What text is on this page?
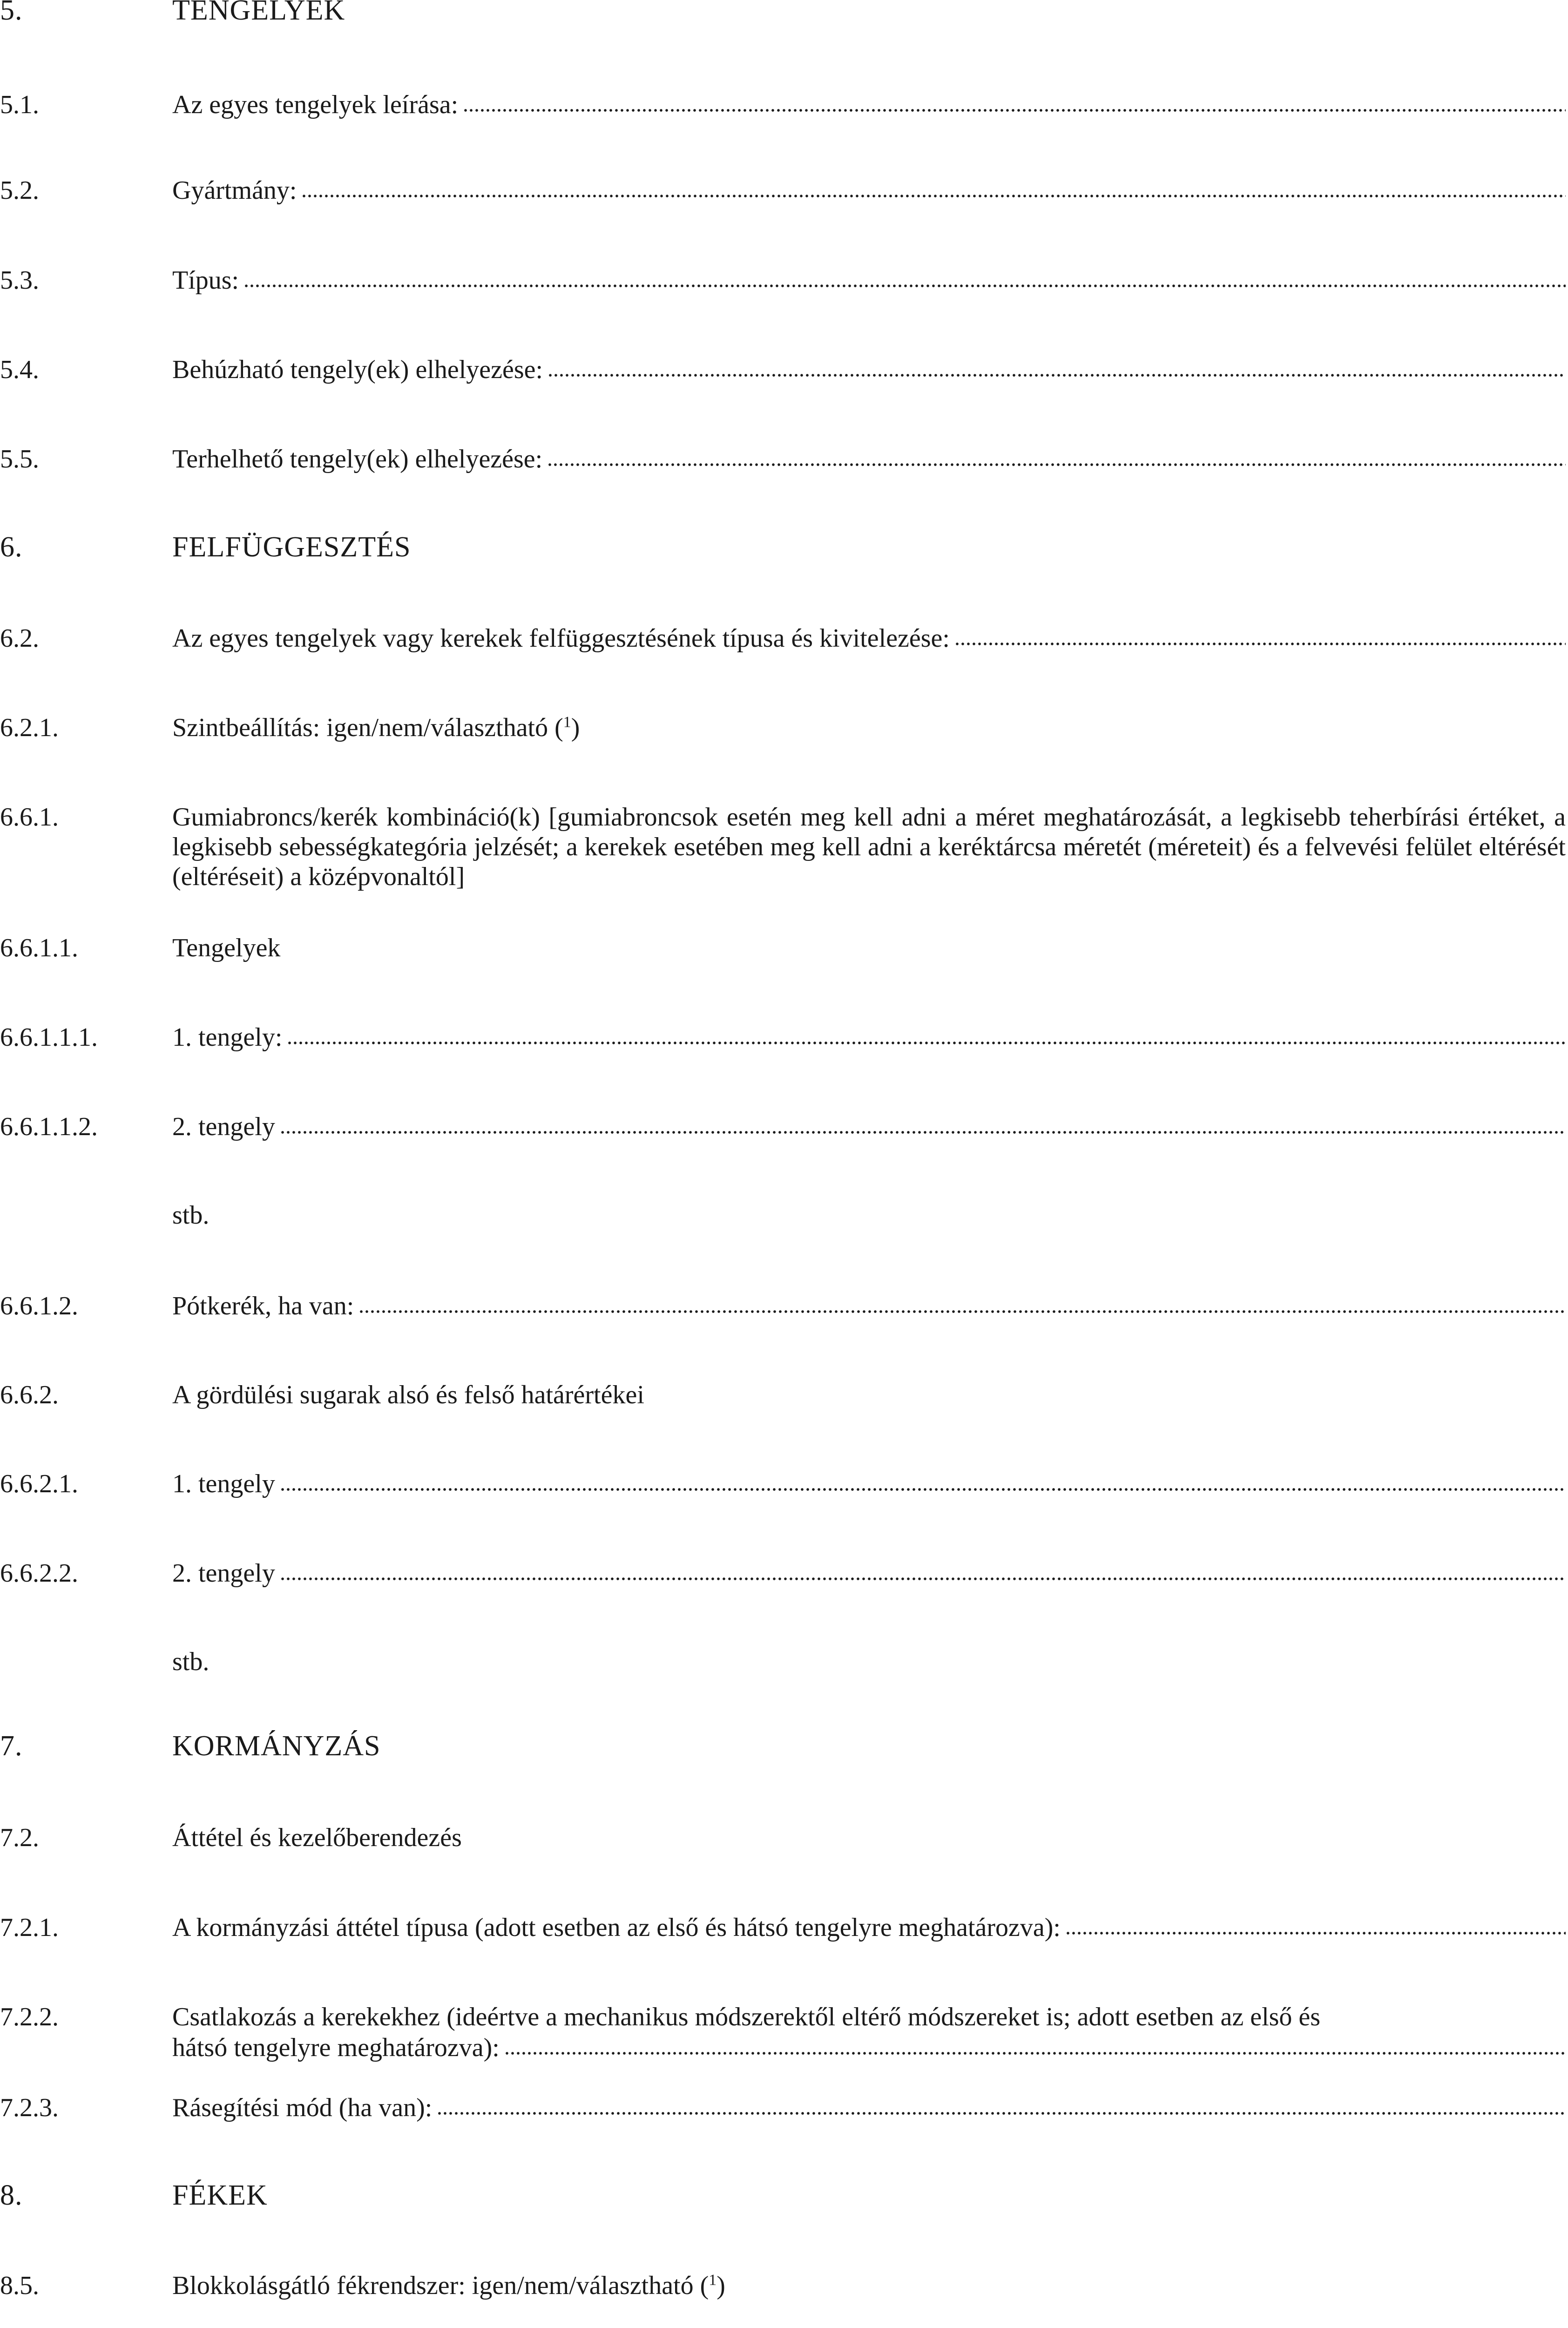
5.	TENGELYEK
5.1.	Az egyes tengelyek leírása:
5.2.	Gyártmány:
5.3.	Típus:
5.4.	Behúzható tengely(ek) elhelyezése:
5.5.	Terhelhető tengely(ek) elhelyezése:
6.	FELFÜGGESZTÉS
6.2.	Az egyes tengelyek vagy kerekek felfüggesztésének típusa és kivitelezése:
6.2.1.	Szintbeállítás: igen/nem/választható ($^1$)
6.6.1.	Gumiabroncs/kerék kombináció(k) [gumiabroncsok esetén meg kell adni a méret meghatározását, a legkisebb teherbírási értéket, a legkisebb sebességkategória jelzését; a kerekek esetében meg kell adni a keréktárcsa méretét (méreteit) és a felvevési felület eltérését (eltéréseit) a középvonaltól]
6.6.1.1.	Tengelyek
6.6.1.1.1.	1. tengely:
6.6.1.1.2.	2. tengely
stb.
6.6.1.2.	Pótkerék, ha van:
6.6.2.	A gördülési sugarak alsó és felső határértékei
6.6.2.1.	1. tengely
6.6.2.2.	2. tengely
stb.
7.	KORMÁNYZÁS
7.2.	Áttétel és kezelőberendezés
7.2.1.	A kormányzási áttétel típusa (adott esetben az első és hátsó tengelyre meghatározva):
7.2.2.	Csatlakozás a kerekekhez (ideértve a mechanikus módszerektől eltérő módszereket is; adott esetben az első és
hátsó tengelyre meghatározva):
7.2.3.	Rásegítési mód (ha van):
8.	FÉKEK
8.5.	Blokkolásgátló fékrendszer: igen/nem/választható ($^1$)
